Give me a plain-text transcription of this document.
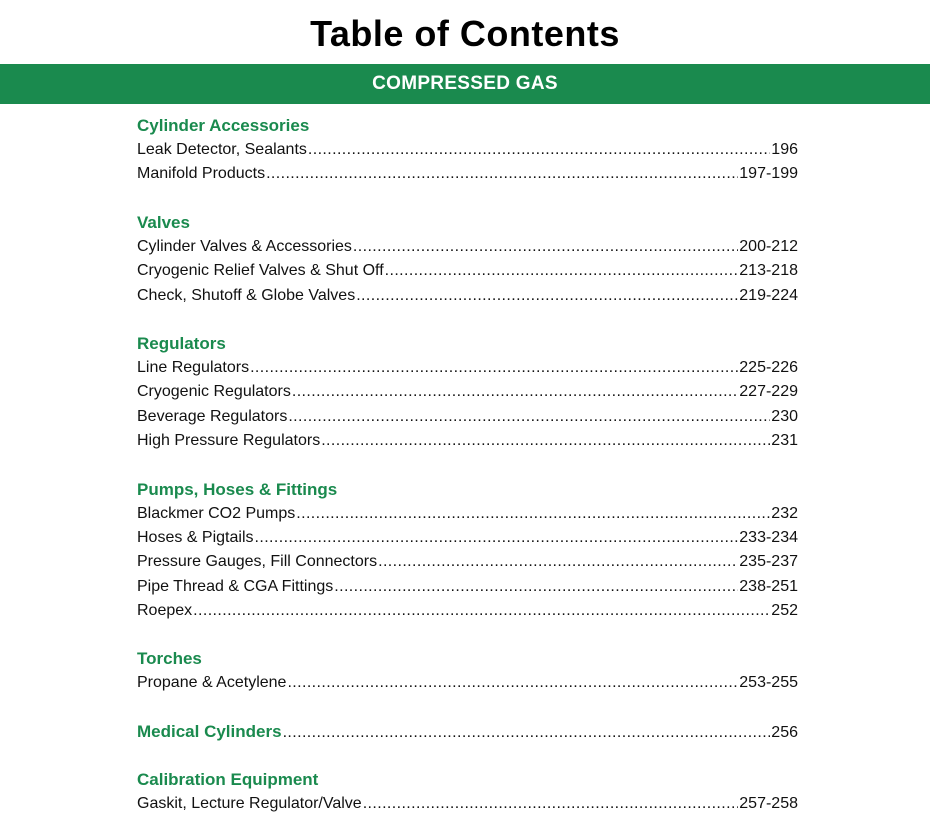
Table of Contents
COMPRESSED GAS
Cylinder Accessories
Leak Detector, Sealants .....	196
Manifold Products .....	197-199
Valves
Cylinder Valves & Accessories .....	200-212
Cryogenic Relief Valves & Shut Off .....	213-218
Check, Shutoff & Globe Valves .....	219-224
Regulators
Line Regulators .....	225-226
Cryogenic Regulators .....	227-229
Beverage Regulators .....	230
High Pressure Regulators .....	231
Pumps, Hoses & Fittings
Blackmer CO2 Pumps .....	232
Hoses & Pigtails .....	233-234
Pressure Gauges, Fill Connectors .....	235-237
Pipe Thread & CGA Fittings .....	238-251
Roepex .....	252
Torches
Propane & Acetylene .....	253-255
Medical Cylinders .....	256
Calibration Equipment
Gaskit, Lecture Regulator/Valve .....	257-258
